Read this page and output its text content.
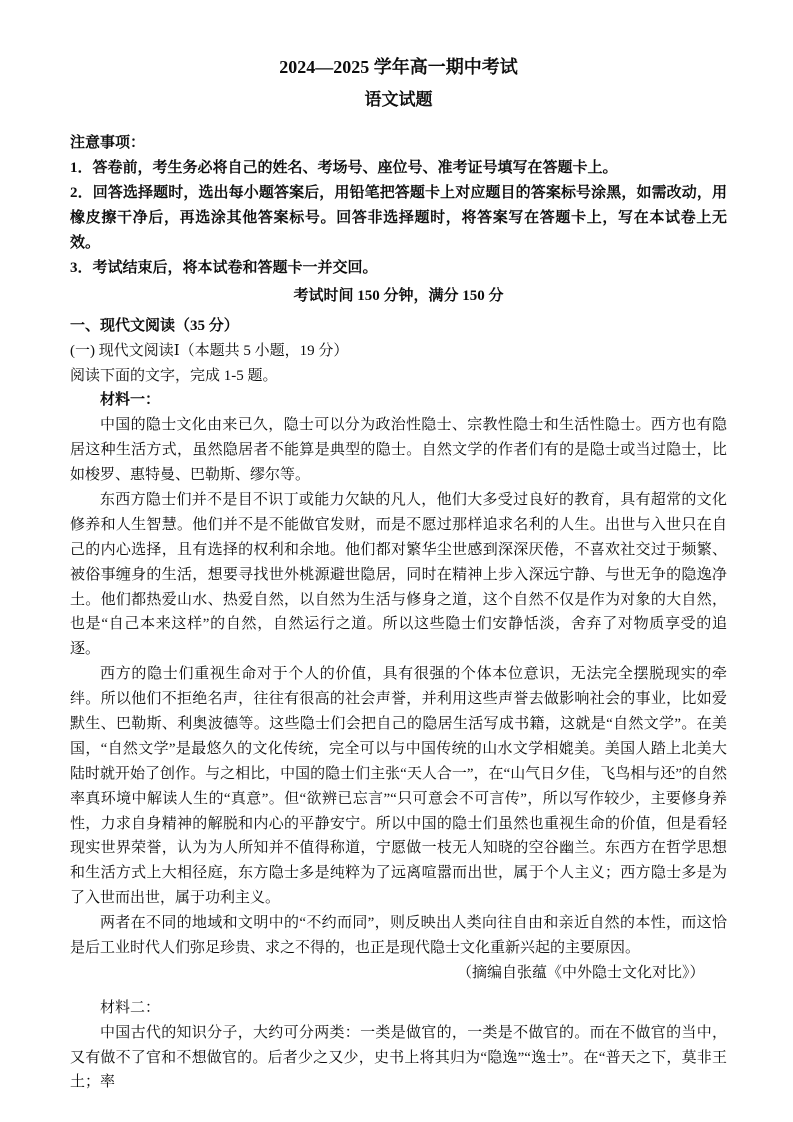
2024—2025 学年高一期中考试
语文试题

注意事项：

1．答卷前，考生务必将自己的姓名、考场号、座位号、准考证号填写在答题卡上。

2．回答选择题时，选出每小题答案后，用铅笔把答题卡上对应题目的答案标号涂黑，如需改动，用橡皮擦干净后，再选涂其他答案标号。回答非选择题时，将答案写在答题卡上，写在本试卷上无效。

3．考试结束后，将本试卷和答题卡一并交回。

考试时间 150 分钟，满分 150 分

一、现代文阅读（35 分）

(一) 现代文阅读Ⅰ（本题共 5 小题，19 分）

阅读下面的文字，完成 1-5 题。

材料一：

中国的隐士文化由来已久，隐士可以分为政治性隐士、宗教性隐士和生活性隐士。西方也有隐居这种生活方式，虽然隐居者不能算是典型的隐士。自然文学的作者们有的是隐士或当过隐士，比如梭罗、惠特曼、巴勒斯、缪尔等。

东西方隐士们并不是目不识丁或能力欠缺的凡人，他们大多受过良好的教育，具有超常的文化修养和人生智慧。他们并不是不能做官发财，而是不愿过那样追求名利的人生。出世与入世只在自己的内心选择，且有选择的权利和余地。他们都对繁华尘世感到深深厌倦，不喜欢社交过于频繁、被俗事缠身的生活，想要寻找世外桃源避世隐居，同时在精神上步入深远宁静、与世无争的隐逸净土。他们都热爱山水、热爱自然，以自然为生活与修身之道，这个自然不仅是作为对象的大自然，也是“自己本来这样”的自然，自然运行之道。所以这些隐士们安静恬淡，舍弃了对物质享受的追逐。

西方的隐士们重视生命对于个人的价值，具有很强的个体本位意识，无法完全摆脱现实的牵绊。所以他们不拒绝名声，往往有很高的社会声誉，并利用这些声誉去做影响社会的事业，比如爱默生、巴勒斯、利奥波德等。这些隐士们会把自己的隐居生活写成书籍，这就是“自然文学”。在美国，“自然文学”是最悠久的文化传统，完全可以与中国传统的山水文学相媲美。美国人踏上北美大陆时就开始了创作。与之相比，中国的隐士们主张“天人合一”，在“山气日夕佳，飞鸟相与还”的自然率真环境中解读人生的“真意”。但“欲辨已忘言”“只可意会不可言传”，所以写作较少，主要修身养性，力求自身精神的解脱和内心的平静安宁。所以中国的隐士们虽然也重视生命的价值，但是看轻现实世界荣誉，认为为人所知并不值得称道，宁愿做一枝无人知晓的空谷幽兰。东西方在哲学思想和生活方式上大相径庭，东方隐士多是纯粹为了远离喧嚣而出世，属于个人主义；西方隐士多是为了入世而出世，属于功利主义。

两者在不同的地域和文明中的“不约而同”，则反映出人类向往自由和亲近自然的本性，而这恰是后工业时代人们弥足珍贵、求之不得的，也正是现代隐士文化重新兴起的主要原因。

（摘编自张蕴《中外隐士文化对比》）

材料二：

中国古代的知识分子，大约可分两类：一类是做官的，一类是不做官的。而在不做官的当中，又有做不了官和不想做官的。后者少之又少，史书上将其归为“隐逸”“逸士”。在“普天之下，莫非王土；率
